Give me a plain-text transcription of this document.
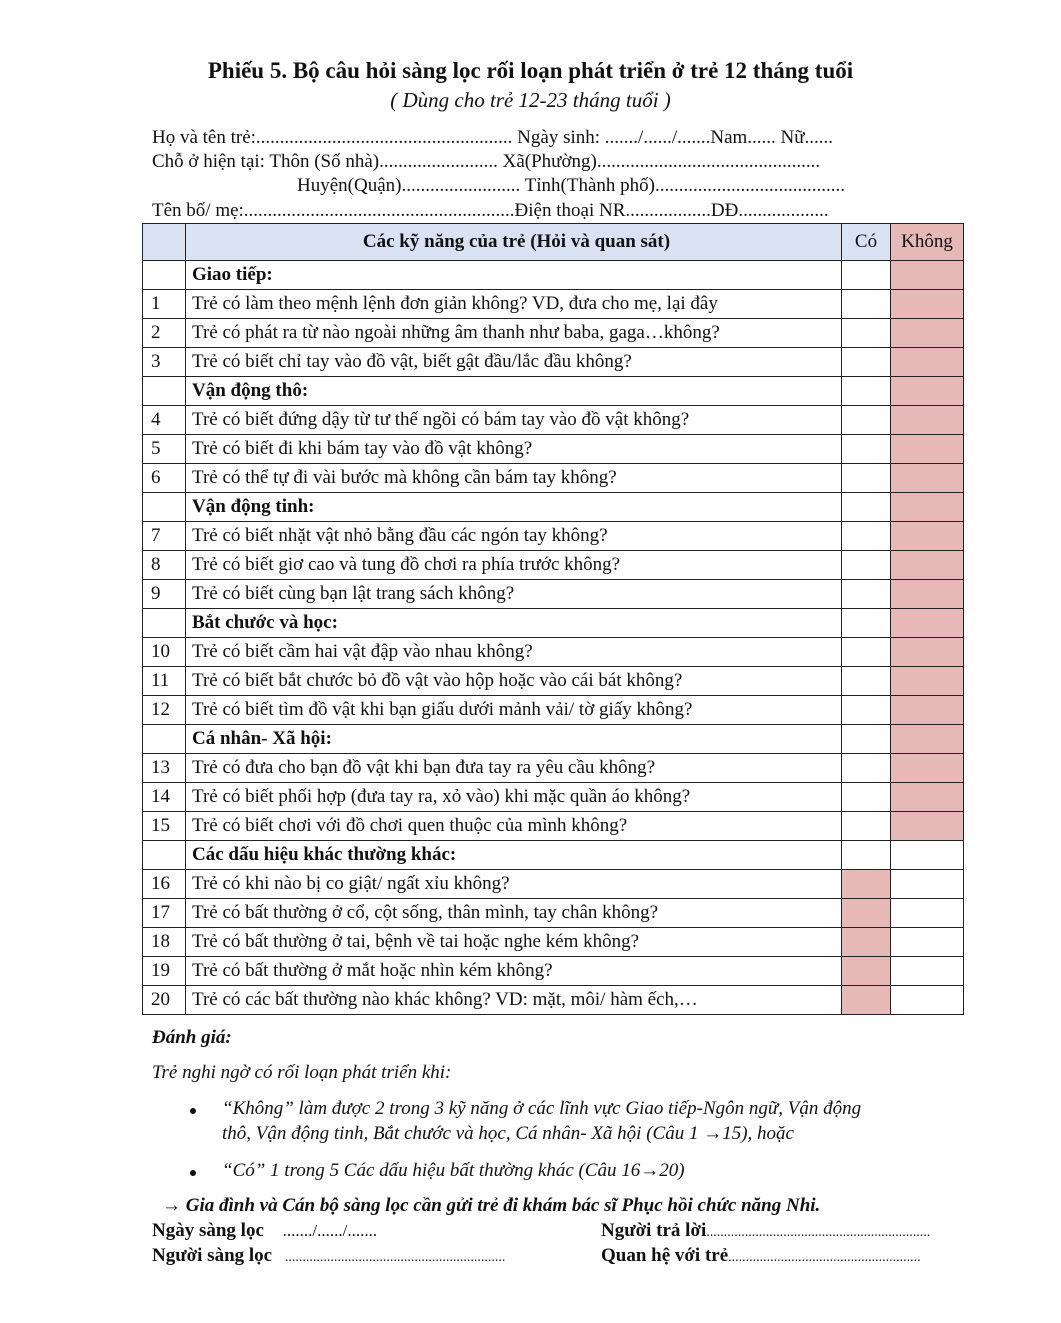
Phiếu 5. Bộ câu hỏi sàng lọc rối loạn phát triển ở trẻ 12 tháng tuổi
( Dùng cho trẻ 12-23 tháng tuổi )
Họ và tên trẻ:...................................................... Ngày sinh: ......./....../.......Nam...... Nữ......
Chỗ ở hiện tại: Thôn (Số nhà)......................... Xã(Phường)...............................................
Huyện(Quận)......................... Tỉnh(Thành phố)........................................
Tên bố/ mẹ:.........................................................Điện thoại NR..................DĐ...................
	Các kỹ năng của trẻ (Hỏi và quan sát)	Có	Không
	Giao tiếp:		
1	Trẻ có làm theo mệnh lệnh đơn giản không? VD, đưa cho mẹ, lại đây		
2	Trẻ có phát ra từ nào ngoài những âm thanh như baba, gaga…không?		
3	Trẻ có biết chỉ tay vào đồ vật, biết gật đầu/lắc đầu không?		
	Vận động thô:		
4	Trẻ có biết đứng dậy từ tư thế ngồi có bám tay vào đồ vật không?		
5	Trẻ có biết đi khi bám tay vào đồ vật không?		
6	Trẻ có thể tự đi vài bước mà không cần bám tay không?		
	Vận động tinh:		
7	Trẻ có biết nhặt vật nhỏ bằng đầu các ngón tay không?		
8	Trẻ có biết giơ cao và tung đồ chơi ra phía trước không?		
9	Trẻ có biết cùng bạn lật trang sách không?		
	Bắt chước và học:		
10	Trẻ có biết cầm hai vật đập vào nhau không?		
11	Trẻ có biết bắt chước bỏ đồ vật vào hộp hoặc vào cái bát không?		
12	Trẻ có biết tìm đồ vật khi bạn giấu dưới mảnh vải/ tờ giấy không?		
	Cá nhân- Xã hội:		
13	Trẻ có đưa cho bạn đồ vật khi bạn đưa tay ra yêu cầu không?		
14	Trẻ có biết phối hợp (đưa tay ra, xỏ vào) khi mặc quần áo không?		
15	Trẻ có biết chơi với đồ chơi quen thuộc của mình không?		
	Các dấu hiệu khác thường khác:		
16	Trẻ có khi nào bị co giật/ ngất xỉu không?		
17	Trẻ có bất thường ở cổ, cột sống, thân mình, tay chân không?		
18	Trẻ có bất thường ở tai, bệnh về tai hoặc nghe kém không?		
19	Trẻ có bất thường ở mắt hoặc nhìn kém không?		
20	Trẻ có các bất thường nào khác không? VD: mặt, môi/ hàm ếch,…		
Đánh giá:
Trẻ nghi ngờ có rối loạn phát triển khi:
“Không” làm được 2 trong 3 kỹ năng ở các lĩnh vực Giao tiếp-Ngôn ngữ, Vận động
thô, Vận động tinh, Bắt chước và học, Cá nhân- Xã hội (Câu 1 →15), hoặc
“Có” 1 trong 5 Các dấu hiệu bất thường khác (Câu 16→20)
→ Gia đình và Cán bộ sàng lọc cần gửi trẻ đi khám bác sĩ Phục hồi chức năng Nhi.
Ngày sàng lọc ......./....../.......	Người trả lời................................................................
Người sàng lọc ...............................................................	Quan hệ với trẻ.......................................................
